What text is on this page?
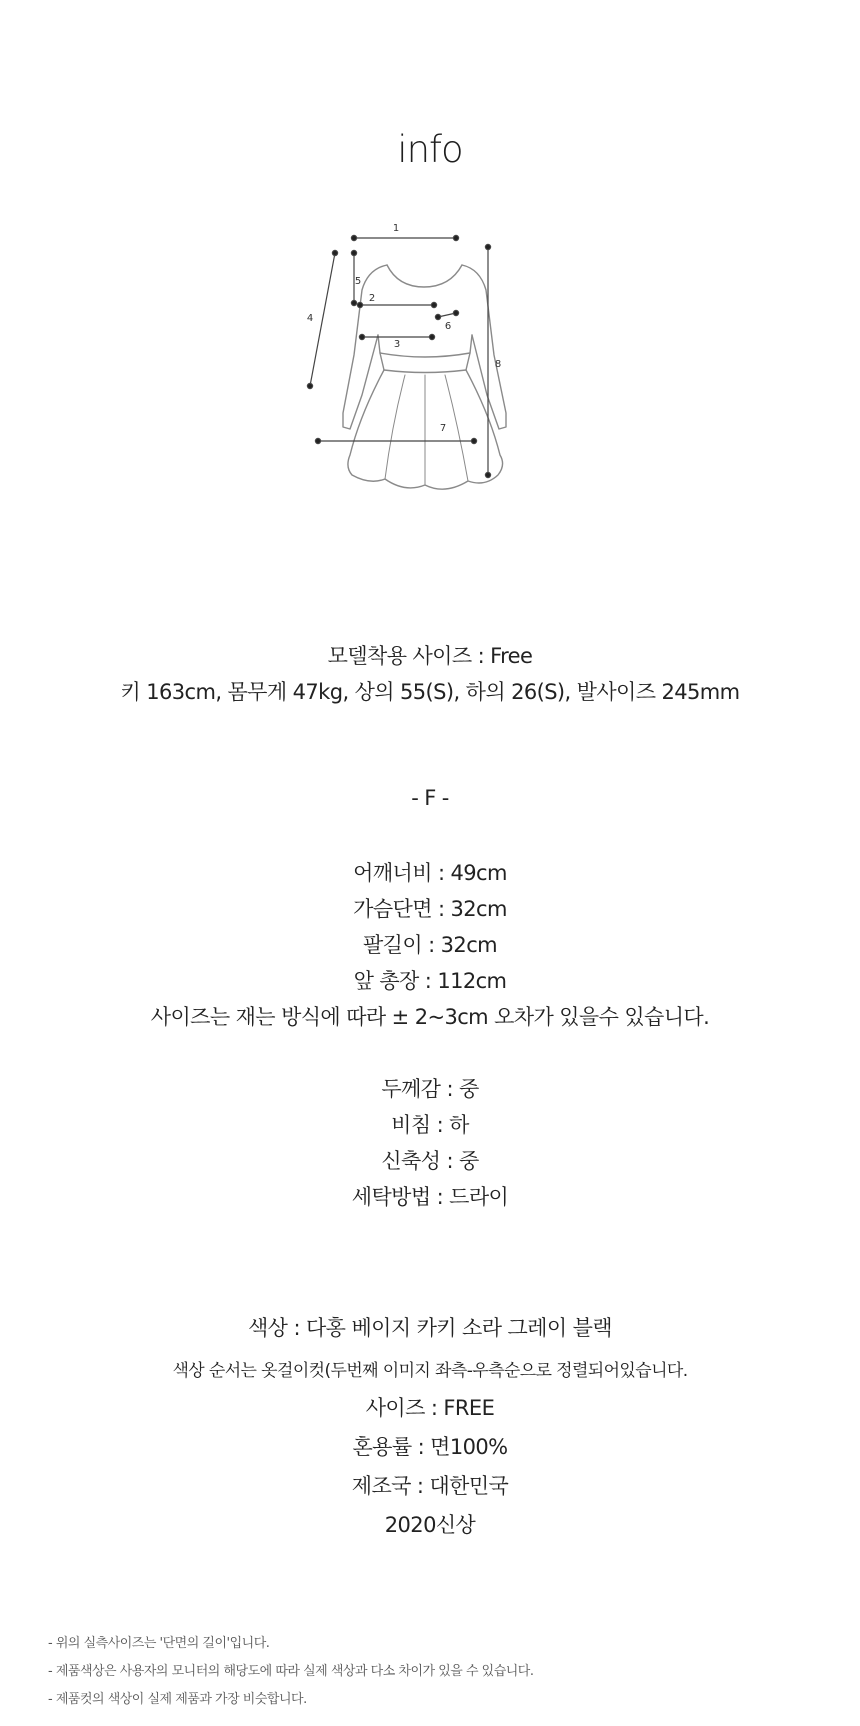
info
1
2
3
4
5
6
7
8
모델착용 사이즈 : Free
키 163cm, 몸무게 47kg, 상의 55(S), 하의 26(S), 발사이즈 245mm
- F -
어깨너비 : 49cm
가슴단면 : 32cm
팔길이 : 32cm
앞 총장 : 112cm
사이즈는 재는 방식에 따라 ± 2~3cm 오차가 있을수 있습니다.
두께감 : 중
비침 : 하
신축성 : 중
세탁방법 : 드라이
색상 : 다홍 베이지 카키 소라 그레이 블랙
색상 순서는 옷걸이컷(두번째 이미지 좌측-우측순으로 정렬되어있습니다.
사이즈 : FREE
혼용률 : 면100%
제조국 : 대한민국
2020신상
- 위의 실측사이즈는 '단면의 길이'입니다.
- 제품색상은 사용자의 모니터의 해당도에 따라 실제 색상과 다소 차이가 있을 수 있습니다.
- 제품컷의 색상이 실제 제품과 가장 비슷합니다.
